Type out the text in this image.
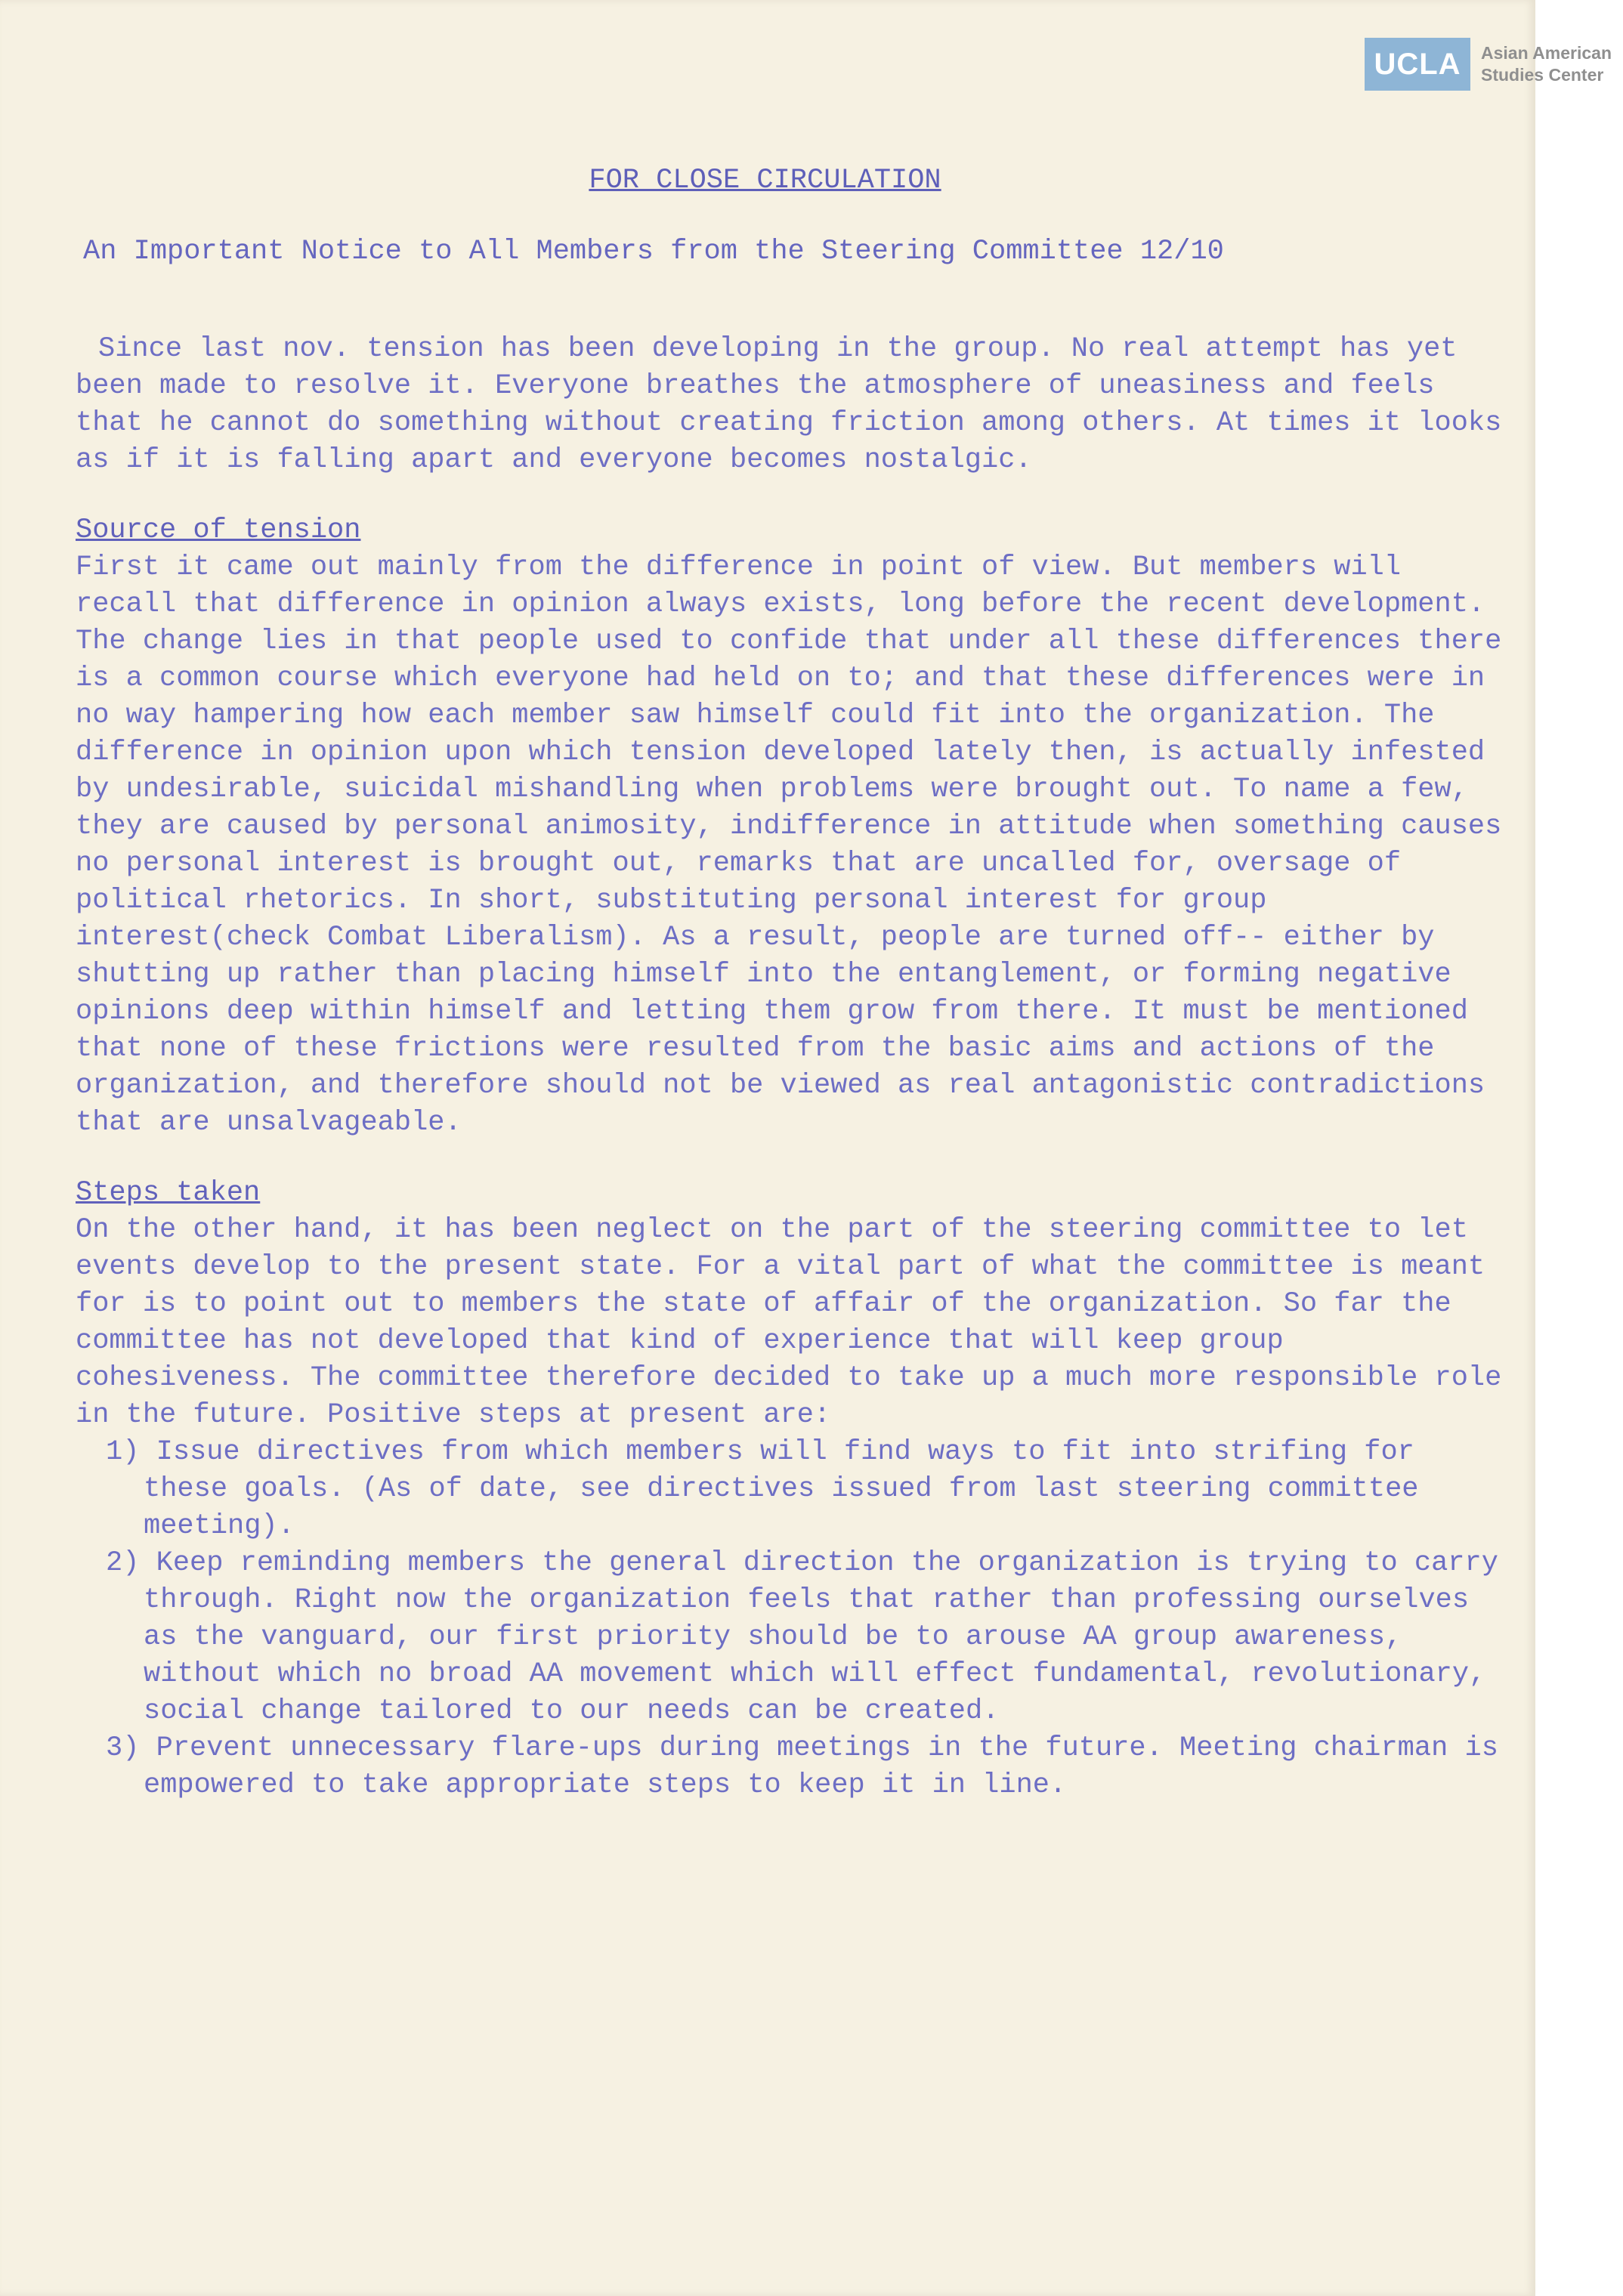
UCLA	Asian American Studies Center
FOR CLOSE CIRCULATION
An Important Notice to All Members from the Steering Committee 12/10
Since last nov. tension has been developing in the group. No real attempt has yet been made to resolve it. Everyone breathes the atmosphere of uneasiness and feels that he cannot do something without creating friction among others. At times it looks as if it is falling apart and everyone becomes nostalgic.
Source of tension
First it came out mainly from the difference in point of view. But members will recall that difference in opinion always exists, long before the recent development. The change lies in that people used to confide that under all these differences there is a common course which everyone had held on to; and that these differences were in no way hampering how each member saw himself could fit into the organization. The difference in opinion upon which tension developed lately then, is actually infested by undesirable, suicidal mishandling when problems were brought out. To name a few, they are caused by personal animosity, indifference in attitude when something causes no personal interest is brought out, remarks that are uncalled for, oversage of political rhetorics. In short, substituting personal interest for group interest(check Combat Liberalism). As a result, people are turned off-- either by shutting up rather than placing himself into the entanglement, or forming negative opinions deep within himself and letting them grow from there. It must be mentioned that none of these frictions were resulted from the basic aims and actions of the organization, and therefore should not be viewed as real antagonistic contradictions that are unsalvageable.
Steps taken
On the other hand, it has been neglect on the part of the steering committee to let events develop to the present state. For a vital part of what the committee is meant for is to point out to members the state of affair of the organization. So far the committee has not developed that kind of experience that will keep group cohesiveness. The committee therefore decided to take up a much more responsible role in the future. Positive steps at present are:
1) Issue directives from which members will find ways to fit into strifing for these goals. (As of date, see directives issued from last steering committee meeting).
2) Keep reminding members the general direction the organization is trying to carry through. Right now the organization feels that rather than professing ourselves as the vanguard, our first priority should be to arouse AA group awareness, without which no broad AA movement which will effect fundamental, revolutionary, social change tailored to our needs can be created.
3) Prevent unnecessary flare-ups during meetings in the future. Meeting chairman is empowered to take appropriate steps to keep it in line.
